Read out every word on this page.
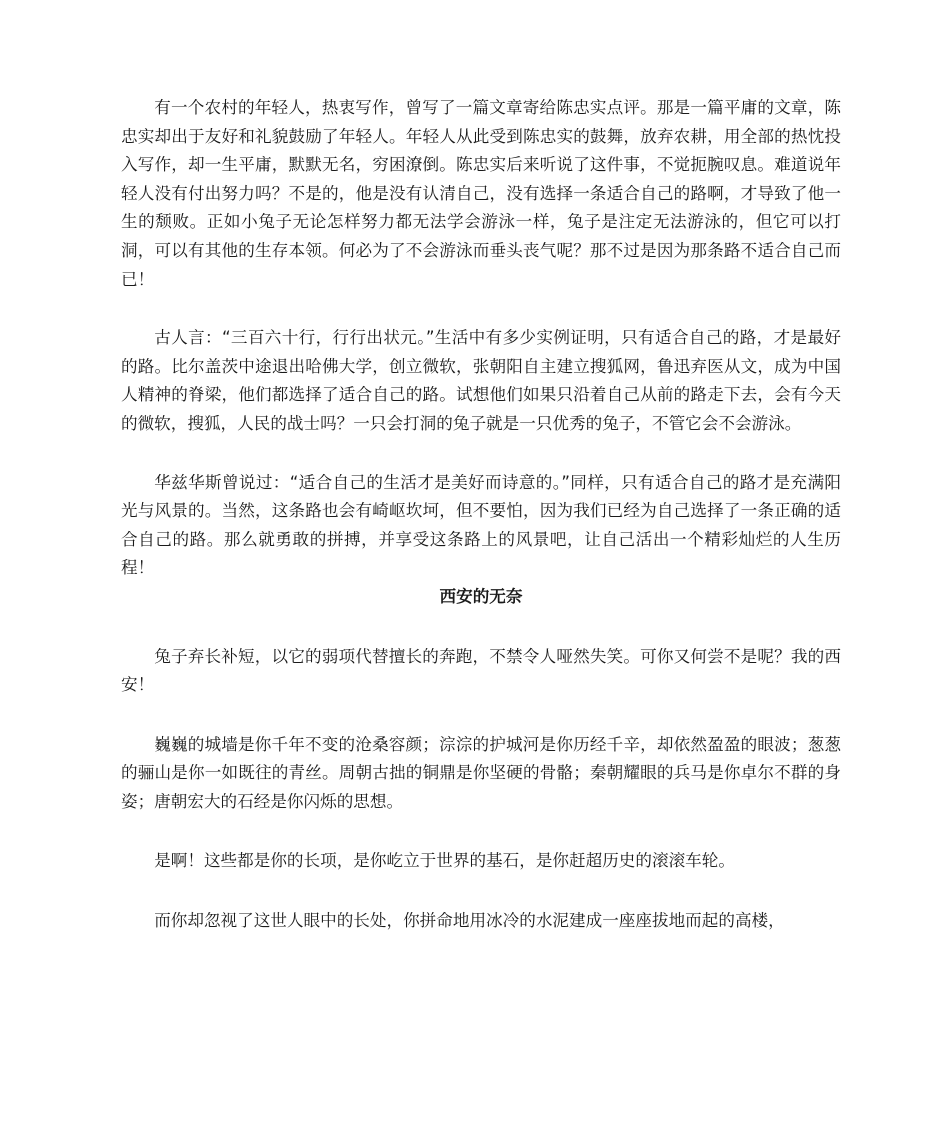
有一个农村的年轻人，热衷写作，曾写了一篇文章寄给陈忠实点评。那是一篇平庸的文章，陈忠实却出于友好和礼貌鼓励了年轻人。年轻人从此受到陈忠实的鼓舞，放弃农耕，用全部的热忱投入写作，却一生平庸，默默无名，穷困潦倒。陈忠实后来听说了这件事，不觉扼腕叹息。难道说年轻人没有付出努力吗？不是的，他是没有认清自己，没有选择一条适合自己的路啊，才导致了他一生的颓败。正如小兔子无论怎样努力都无法学会游泳一样，兔子是注定无法游泳的，但它可以打洞，可以有其他的生存本领。何必为了不会游泳而垂头丧气呢？那不过是因为那条路不适合自己而已！

古人言：“三百六十行，行行出状元。”生活中有多少实例证明，只有适合自己的路，才是最好的路。比尔盖茨中途退出哈佛大学，创立微软，张朝阳自主建立搜狐网，鲁迅弃医从文，成为中国人精神的脊梁，他们都选择了适合自己的路。试想他们如果只沿着自己从前的路走下去，会有今天的微软，搜狐，人民的战士吗？一只会打洞的兔子就是一只优秀的兔子，不管它会不会游泳。

华兹华斯曾说过：“适合自己的生活才是美好而诗意的。”同样，只有适合自己的路才是充满阳光与风景的。当然，这条路也会有崎岖坎坷，但不要怕，因为我们已经为自己选择了一条正确的适合自己的路。那么就勇敢的拼搏，并享受这条路上的风景吧，让自己活出一个精彩灿烂的人生历程！

西安的无奈

兔子弃长补短，以它的弱项代替擅长的奔跑，不禁令人哑然失笑。可你又何尝不是呢？我的西安！

巍巍的城墙是你千年不变的沧桑容颜；淙淙的护城河是你历经千辛，却依然盈盈的眼波；葱葱的骊山是你一如既往的青丝。周朝古拙的铜鼎是你坚硬的骨骼；秦朝耀眼的兵马是你卓尔不群的身姿；唐朝宏大的石经是你闪烁的思想。

是啊！这些都是你的长项，是你屹立于世界的基石，是你赶超历史的滚滚车轮。

而你却忽视了这世人眼中的长处，你拼命地用冰冷的水泥建成一座座拔地而起的高楼，
